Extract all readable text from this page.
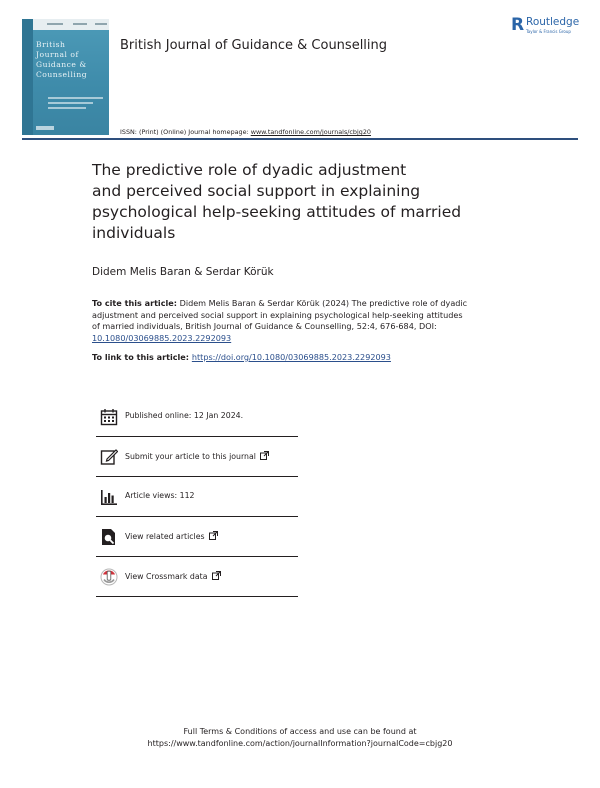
British
Journal of
Guidance &
Counselling
British Journal of Guidance & Counselling
R Routledge
Taylor & Francis Group
ISSN: (Print) (Online) Journal homepage: www.tandfonline.com/journals/cbjg20
The predictive role of dyadic adjustment
and perceived social support in explaining
psychological help-seeking attitudes of married
individuals
Didem Melis Baran & Serdar Körük
To cite this article: Didem Melis Baran & Serdar Körük (2024) The predictive role of dyadic
adjustment and perceived social support in explaining psychological help-seeking attitudes
of married individuals, British Journal of Guidance & Counselling, 52:4, 676-684, DOI:
10.1080/03069885.2023.2292093
To link to this article: https://doi.org/10.1080/03069885.2023.2292093
Published online: 12 Jan 2024.
Submit your article to this journal
Article views: 112
View related articles
View Crossmark data
Full Terms & Conditions of access and use can be found at
https://www.tandfonline.com/action/journalInformation?journalCode=cbjg20
